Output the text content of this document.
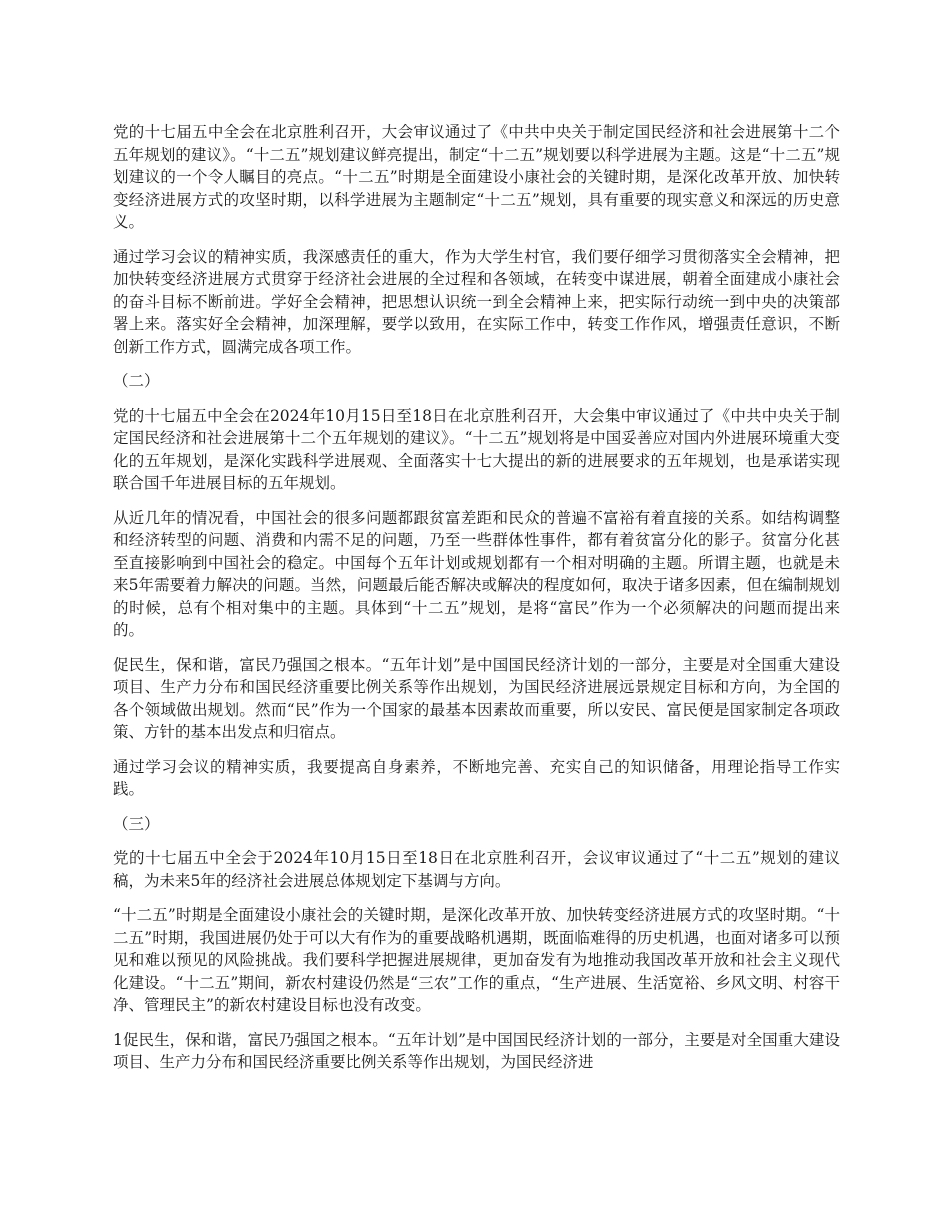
党的十七届五中全会在北京胜利召开，大会审议通过了《中共中央关于制定国民经济和社会进展第十二个五年规划的建议》。“十二五”规划建议鲜亮提出，制定“十二五”规划要以科学进展为主题。这是“十二五”规划建议的一个令人瞩目的亮点。“十二五”时期是全面建设小康社会的关键时期，是深化改革开放、加快转变经济进展方式的攻坚时期，以科学进展为主题制定“十二五”规划，具有重要的现实意义和深远的历史意义。

通过学习会议的精神实质，我深感责任的重大，作为大学生村官，我们要仔细学习贯彻落实全会精神，把加快转变经济进展方式贯穿于经济社会进展的全过程和各领域，在转变中谋进展，朝着全面建成小康社会的奋斗目标不断前进。学好全会精神，把思想认识统一到全会精神上来，把实际行动统一到中央的决策部署上来。落实好全会精神，加深理解，要学以致用，在实际工作中，转变工作作风，增强责任意识，不断创新工作方式，圆满完成各项工作。

（二）

党的十七届五中全会在2024年10月15日至18日在北京胜利召开，大会集中审议通过了《中共中央关于制定国民经济和社会进展第十二个五年规划的建议》。“十二五”规划将是中国妥善应对国内外进展环境重大变化的五年规划，是深化实践科学进展观、全面落实十七大提出的新的进展要求的五年规划，也是承诺实现联合国千年进展目标的五年规划。

从近几年的情况看，中国社会的很多问题都跟贫富差距和民众的普遍不富裕有着直接的关系。如结构调整和经济转型的问题、消费和内需不足的问题，乃至一些群体性事件，都有着贫富分化的影子。贫富分化甚至直接影响到中国社会的稳定。中国每个五年计划或规划都有一个相对明确的主题。所谓主题，也就是未来5年需要着力解决的问题。当然，问题最后能否解决或解决的程度如何，取决于诸多因素，但在编制规划的时候，总有个相对集中的主题。具体到“十二五”规划，是将“富民”作为一个必须解决的问题而提出来的。

促民生，保和谐，富民乃强国之根本。“五年计划”是中国国民经济计划的一部分，主要是对全国重大建设项目、生产力分布和国民经济重要比例关系等作出规划，为国民经济进展远景规定目标和方向，为全国的各个领域做出规划。然而“民”作为一个国家的最基本因素故而重要，所以安民、富民便是国家制定各项政策、方针的基本出发点和归宿点。

通过学习会议的精神实质，我要提高自身素养，不断地完善、充实自己的知识储备，用理论指导工作实践。

（三）

党的十七届五中全会于2024年10月15日至18日在北京胜利召开，会议审议通过了“十二五”规划的建议稿，为未来5年的经济社会进展总体规划定下基调与方向。

“十二五”时期是全面建设小康社会的关键时期，是深化改革开放、加快转变经济进展方式的攻坚时期。“十二五”时期，我国进展仍处于可以大有作为的重要战略机遇期，既面临难得的历史机遇，也面对诸多可以预见和难以预见的风险挑战。我们要科学把握进展规律，更加奋发有为地推动我国改革开放和社会主义现代化建设。“十二五”期间，新农村建设仍然是“三农”工作的重点，“生产进展、生活宽裕、乡风文明、村容干净、管理民主”的新农村建设目标也没有改变。

1促民生，保和谐，富民乃强国之根本。“五年计划”是中国国民经济计划的一部分，主要是对全国重大建设项目、生产力分布和国民经济重要比例关系等作出规划，为国民经济进
